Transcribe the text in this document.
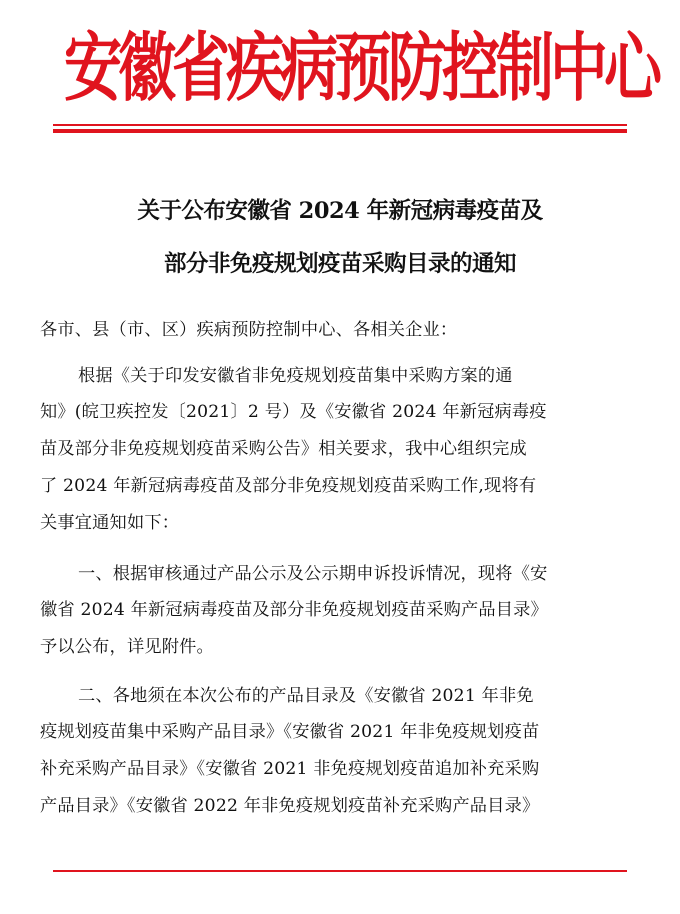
安徽省疾病预防控制中心
关于公布安徽省 2024 年新冠病毒疫苗及
部分非免疫规划疫苗采购目录的通知
各市、县（市、区）疾病预防控制中心、各相关企业：
根据《关于印发安徽省非免疫规划疫苗集中采购方案的通
知》(皖卫疾控发〔2021〕2 号）及《安徽省 2024 年新冠病毒疫
苗及部分非免疫规划疫苗采购公告》相关要求，我中心组织完成
了 2024 年新冠病毒疫苗及部分非免疫规划疫苗采购工作,现将有
关事宜通知如下：
一、根据审核通过产品公示及公示期申诉投诉情况，现将《安
徽省 2024 年新冠病毒疫苗及部分非免疫规划疫苗采购产品目录》
予以公布，详见附件。
二、各地须在本次公布的产品目录及《安徽省 2021 年非免
疫规划疫苗集中采购产品目录》《安徽省 2021 年非免疫规划疫苗
补充采购产品目录》《安徽省 2021 非免疫规划疫苗追加补充采购
产品目录》《安徽省 2022 年非免疫规划疫苗补充采购产品目录》
